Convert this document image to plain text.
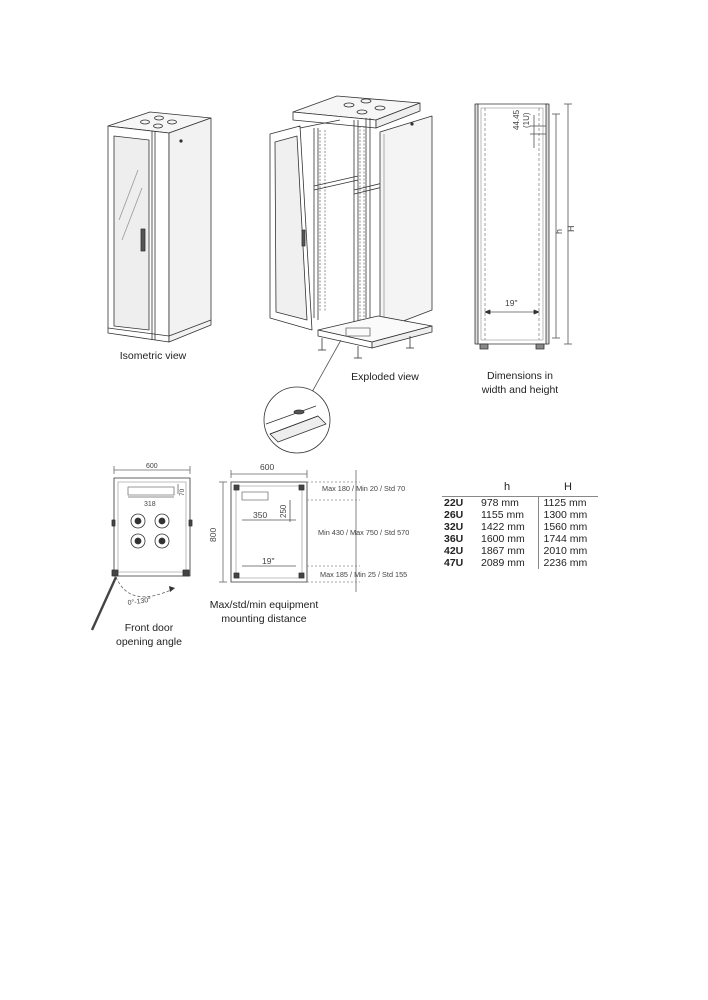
44.45 (1U)
h H
19"
600
318
70
0°-130°
600
800
350 250
19"
Max 180 / Min 20 / Std 70
Min 430 / Max 750 / Std 570
Max 185 / Min 25 / Std 155
Isometric view
Exploded view	Dimensions in
width and height
Front door
opening angle
Max/std/min equipment
mounting distance
	h	H
22U	978 mm	1125 mm
26U	1155 mm	1300 mm
32U	1422 mm	1560 mm
36U	1600 mm	1744 mm
42U	1867 mm	2010 mm
47U	2089 mm	2236 mm
